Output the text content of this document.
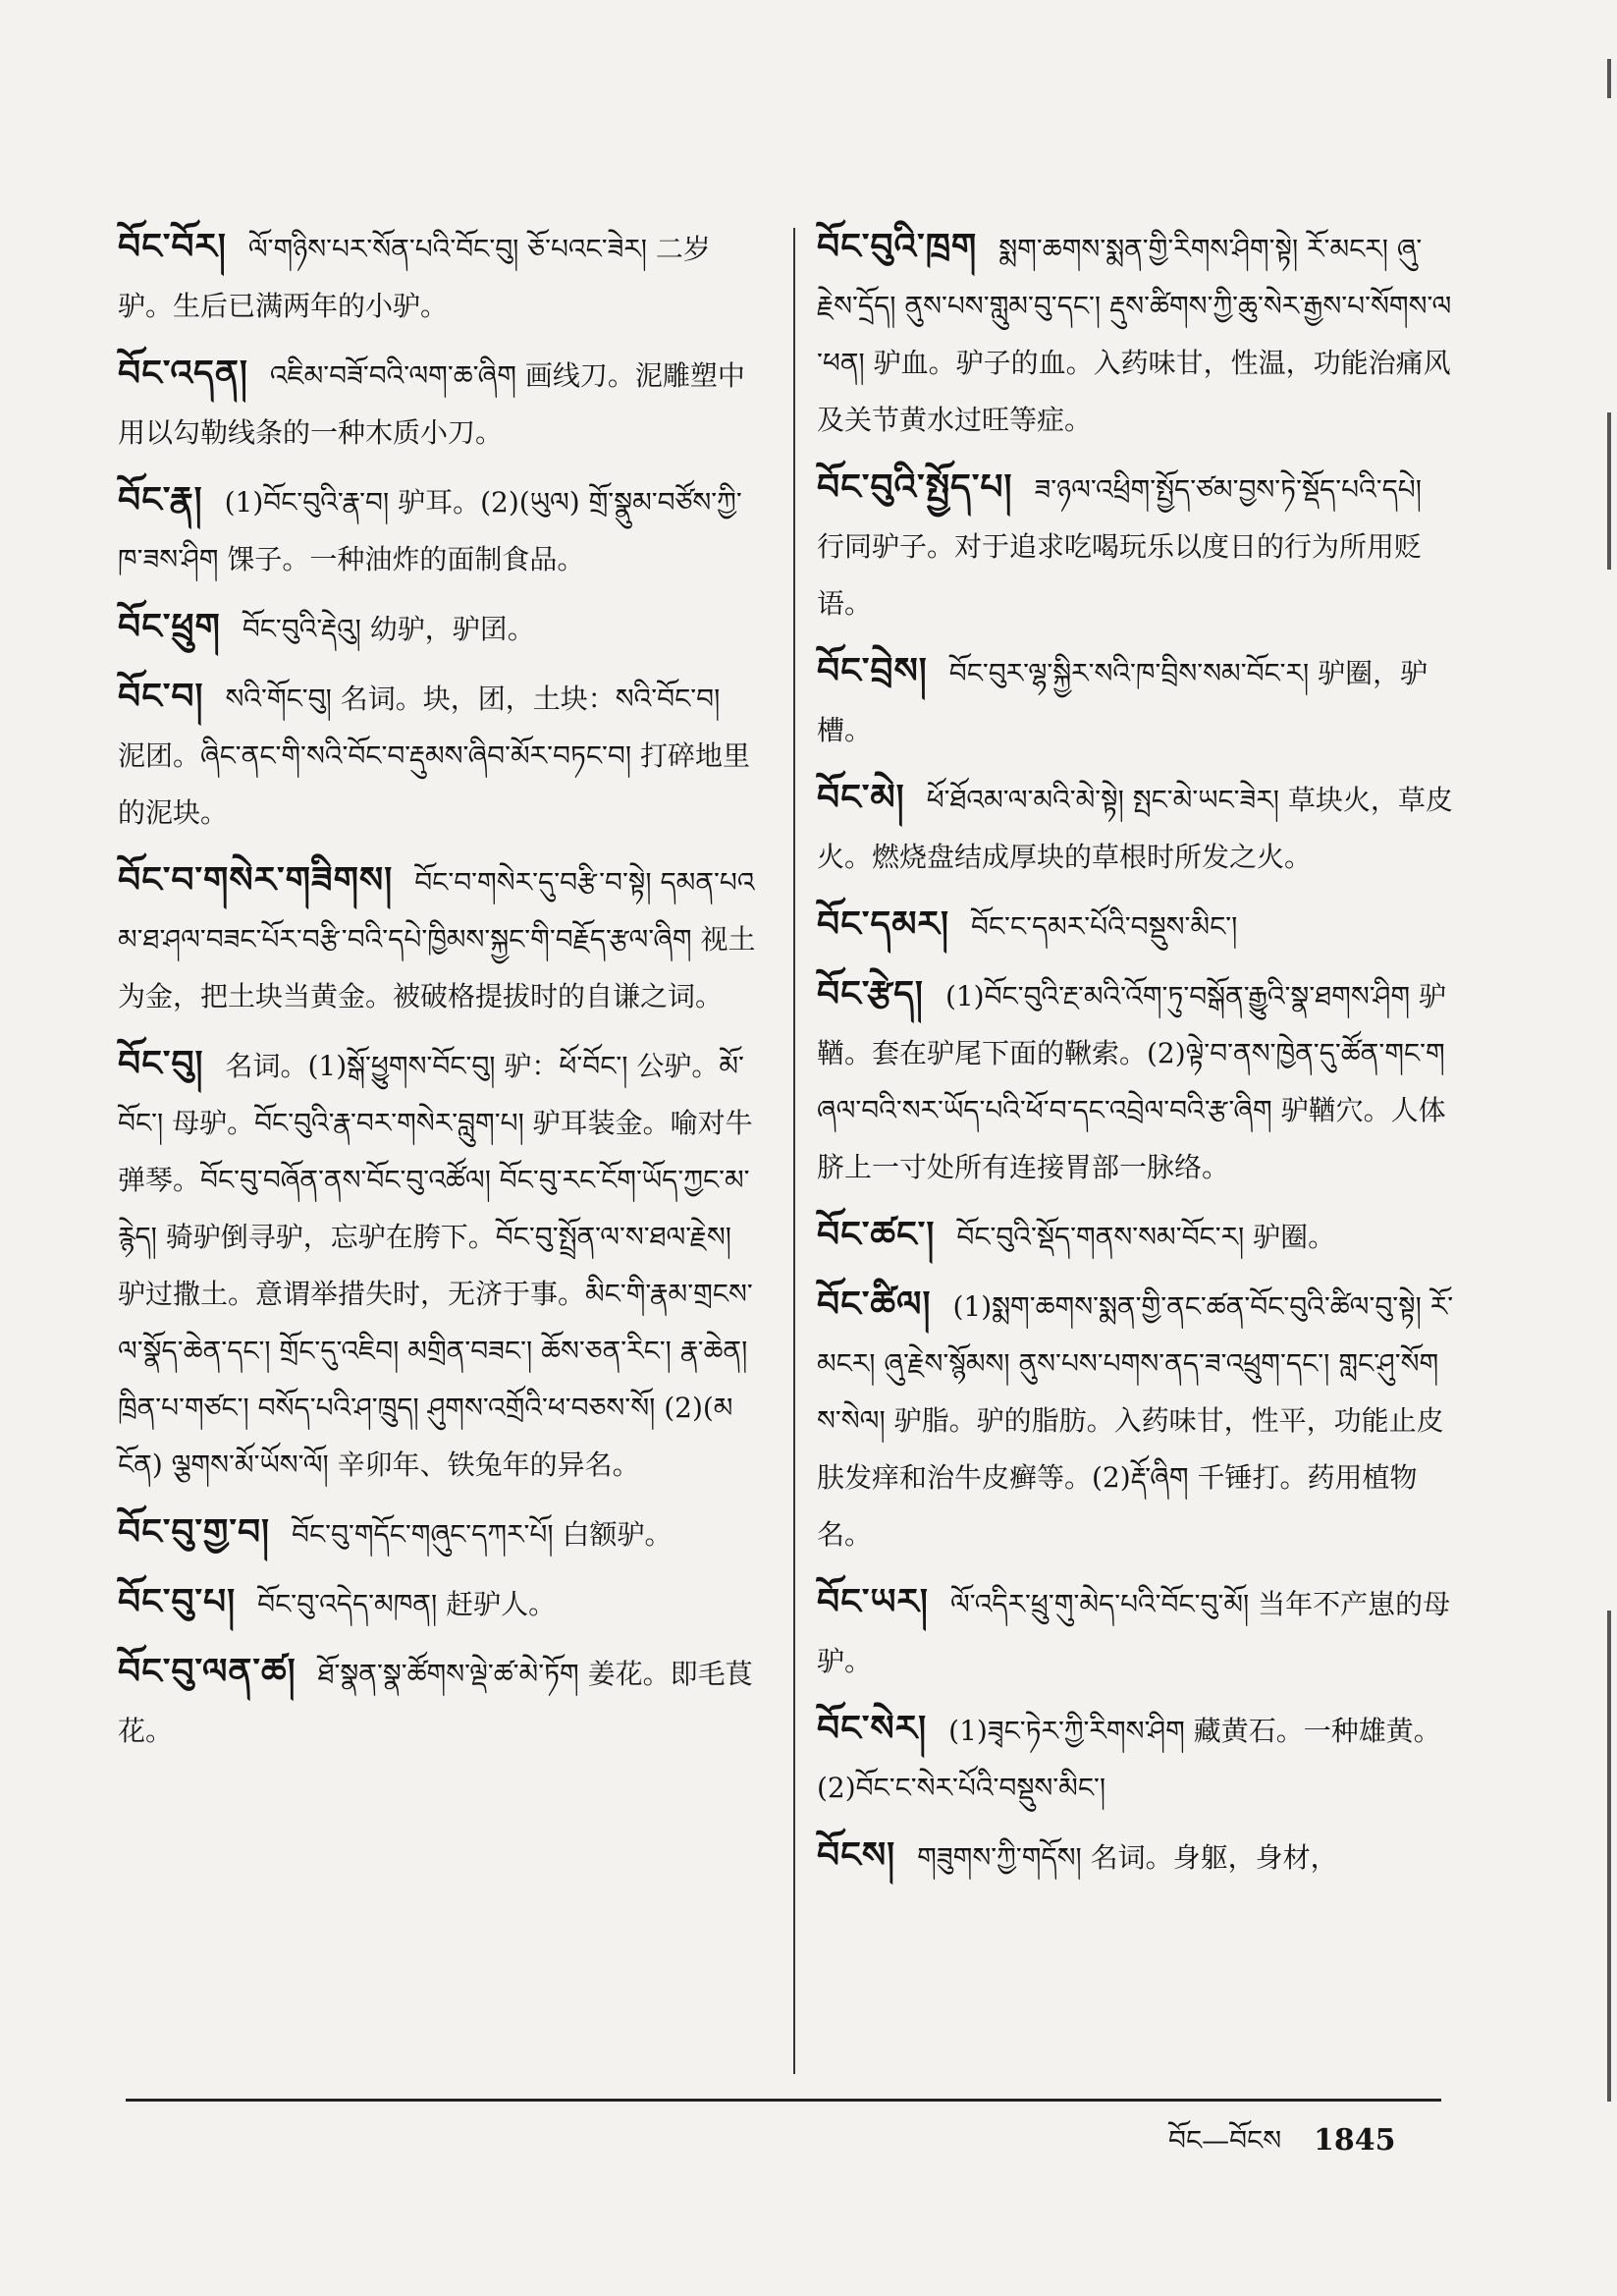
བོང་བོར། ལོ་གཉིས་པར་སོན་པའི་བོང་བུ། ཅོ་པའང་ཟེར། 二岁驴。生后已满两年的小驴。
བོང་འདན། འཇིམ་བཟོ་བའི་ལག་ཆ་ཞིག 画线刀。泥雕塑中用以勾勒线条的一种木质小刀。
བོང་རྣ། (1)བོང་བུའི་རྣ་བ། 驴耳。(2)(ཡུལ) གྲོ་སྣུམ་བཙོས་ཀྱི་ཁ་ཟས་ཤིག 馃子。一种油炸的面制食品。
བོང་ཕྲུག བོང་བུའི་རྡེའུ། 幼驴，驴囝。
བོང་བ། སའི་གོང་བུ། 名词。块，团，土块：སའི་བོང་བ། 泥团。ཞིང་ནང་གི་སའི་བོང་བ་རྡུམས་ཞིབ་མོར་བཏང་བ། 打碎地里的泥块。
བོང་བ་གསེར་གཟིགས། བོང་བ་གསེར་དུ་བརྩི་བ་སྟེ། དམན་པའམ་ཐ་ཤལ་བཟང་པོར་བརྩི་བའི་དཔེ་ཁྱིམས་སྐྱང་གི་བརྗོད་རྩལ་ཞིག 视土为金，把土块当黄金。被破格提拔时的自谦之词。
བོང་བུ། 名词。(1)སྒོ་ཕྱུགས་བོང་བུ། 驴：ཕོ་བོང་། 公驴。མོ་བོང་། 母驴。བོང་བུའི་རྣ་བར་གསེར་བླུག་པ། 驴耳装金。喻对牛弹琴。བོང་བུ་བཞོན་ནས་བོང་བུ་འཚོལ། བོང་བུ་རང་ངོག་ཡོད་ཀྱང་མ་རྙེད། 骑驴倒寻驴，忘驴在胯下。བོང་བུ་སྤྲོན་ལ་ས་ཐལ་རྗེས། 驴过撒土。意谓举措失时，无济于事。མིང་གི་རྣམ་གྲངས་ལ་སྣོད་ཆེན་དང་། གྲོང་དུ་འཇིབ། མགྲིན་བཟང་། ཆོས་ཅན་རིང་། རྣ་ཆེན། ཁྲིན་པ་གཙང་། བསོད་པའི་ཤ་ཁྲུད། ཤུགས་འགྲོའི་ཕ་བཅས་སོ། (2)(མངོན) ལྕགས་མོ་ཡོས་ལོ། 辛卯年、铁兔年的异名。
བོང་བུ་གྱ་བ། བོང་བུ་གདོང་གཞུང་དཀར་པོ། 白额驴。
བོང་བུ་པ། བོང་བུ་འདེད་མཁན། 赶驴人。
བོང་བུ་ལན་ཚ། ཐོ་སྣན་སྣ་ཚོགས་ལྡེ་ཚ་མེ་ཏོག 姜花。即毛茛花。
བོང་བུའི་ཁྲག སྨག་ཆགས་སྨན་གྱི་རིགས་ཤིག་སྟེ། རོ་མངར། ཞུ་རྗེས་དྲོད། ནུས་པས་གླུམ་བུ་དང་། རྡུས་ཚིགས་ཀྱི་ཆུ་སེར་རྒྱས་པ་སོགས་ལ་ཕན། 驴血。驴子的血。入药味甘，性温，功能治痛风及关节黄水过旺等症。
བོང་བུའི་སྤྱོད་པ། ཟ་ཉལ་འཕྲིག་སྤྱོད་ཙམ་བྱས་ཏེ་སྡོད་པའི་དཔེ། 行同驴子。对于追求吃喝玩乐以度日的行为所用贬语。
བོང་བྲེས། བོང་བུར་ལྷ་སྐྱིར་སའི་ཁ་བྲིས་སམ་བོང་ར། 驴圈，驴槽。
བོང་མེ། ཕོ་ཐོའམ་ལ་མའི་མེ་སྟེ། སྤང་མེ་ཡང་ཟེར། 草块火，草皮火。燃烧盘结成厚块的草根时所发之火。
བོང་དམར། བོང་ང་དམར་པོའི་བསྡུས་མིང་།
བོང་རྩེད། (1)བོང་བུའི་རྔ་མའི་འོག་ཏུ་བསྒོན་རྒྱུའི་སྣ་ཐགས་ཤིག 驴鞧。套在驴尾下面的鞦索。(2)ལྟེ་བ་ནས་ཁྱེན་དུ་ཚོན་གང་གཞལ་བའི་སར་ཡོད་པའི་ཕོ་བ་དང་འབྲེལ་བའི་རྩ་ཞིག 驴鞧穴。人体脐上一寸处所有连接胃部一脉络。
བོང་ཚང་། བོང་བུའི་སྡོད་གནས་སམ་བོང་ར། 驴圈。
བོང་ཚིལ། (1)སྨག་ཆགས་སྨན་གྱི་ནང་ཚན་བོང་བུའི་ཚིལ་བུ་སྟེ། རོ་མངར། ཞུ་རྗེས་སྙོམས། ནུས་པས་པགས་ནད་ཟ་འཕྲུག་དང་། གླང་ཤུ་སོགས་སེལ། 驴脂。驴的脂肪。入药味甘，性平，功能止皮肤发痒和治牛皮癣等。(2)རྡོ་ཞིག 千锤打。药用植物名。
བོང་ཡར། ལོ་འདིར་ཕྲུ་གུ་མེད་པའི་བོང་བུ་མོ། 当年不产崽的母驴。
བོང་སེར། (1)ཟྭང་ཏེར་ཀྱི་རིགས་ཤིག 藏黄石。一种雄黄。(2)བོང་ང་སེར་པོའི་བསྡུས་མིང་།
བོངས། གཟུགས་ཀྱི་གདོས། 名词。身躯，身材，
བོང—བོངས 1845
